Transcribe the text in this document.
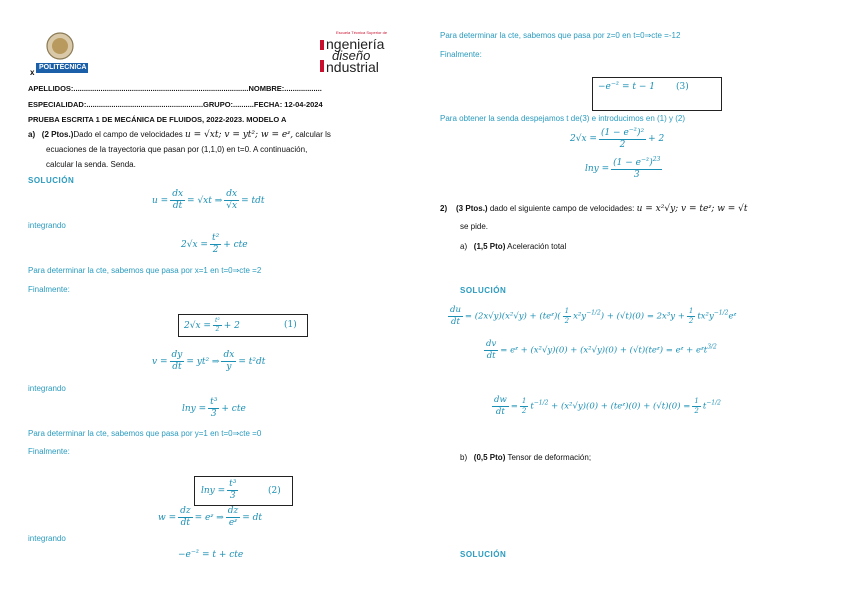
POLITÉCNICA
x
Escuela Técnica Superior de
ngeniería
diseño
ndustrial
APELLIDOS:....................................................................................NOMBRE:..................
ESPECIALIDAD:........................................................GRUPO:..........FECHA: 12-04-2024
PRUEBA ESCRITA 1 DE MECÁNICA DE FLUIDOS, 2022-2023. MODELO A
a) (2 Ptos.)Dado el campo de velocidades u = √xt; v = yt²; w = eᶻ, calcular ls
ecuaciones de la trayectoria que pasan por (1,1,0) en t=0. A continuación,
calcular la senda. Senda.
SOLUCIÓN
$u = \frac{dx}{dt} = √xt$ ⇒ $\frac{dx}{√x}$ = tdt
integrando
$2√x = \frac{\text{t²}}{2}$ + cte
Para determinar la cte, sabemos que pasa por x=1 en t=0⇒cte =2
Finalmente:
$2√x = \frac{\text{t²}}{2} + 2$	(1)
$v = \frac{dy}{dt} = yt^2$ ⇒ $\frac{dx}{y} = t^2dt$
integrando
$\ln y = \frac{\text{t³}}{3}$ + cte
Para determinar la cte, sabemos que pasa por y=1 en t=0⇒cte =0
Finalmente:
$\ln y = \frac{\text{t³}}{3}$	(2)
$w = \frac{dz}{dt}$ = eᶻ ⇒ $\frac{dz}{\text{eᶻ}}$ = dt
integrando
$-e^{-z} = t$ + cte
Para determinar la cte, sabemos que pasa por z=0 en t=0⇒cte =-12
Finalmente:
$-e^{-z} = t - 1$ (3)
Para obtener la senda despejamos t de(3) e introducimos en (1) y (2)
$2√x = \frac{(1 - e^{-z})^2}{2} + 2$
$\ln y = \frac{(1 - e^{-z})^{23}}{3}$
2) (3 Ptos.) dado el siguiente campo de velocidades: u = x²√y; v = teᶻ; w = √t
se pide.
a) (1,5 Pto) Aceleración total
SOLUCIÓN
$\frac{du}{dt} = (2x√y)(x^2√y)$ + (teᶻ)( $\frac{1}{2} x^2y^{-1/2}) + (√t)(0) = 2x^3y + \frac{1}{2}$ $tx^2y^{-1/2}eᶻ$
$\frac{dv}{dt}$ = eᶻ + (x²√y)(0) + (x²√y)(0) + (√t)(teᶻ) = eᶻ + eᶻt$^{3/2}$
$\frac{dw}{dt} = \frac{1}{2} t^{-1/2} + (x^2√y)(0)$ + (teᶻ)(0) + $(√t)(0) = \frac{1}{2} t^{-1/2}$
b) (0,5 Pto) Tensor de deformación;
SOLUCIÓN
